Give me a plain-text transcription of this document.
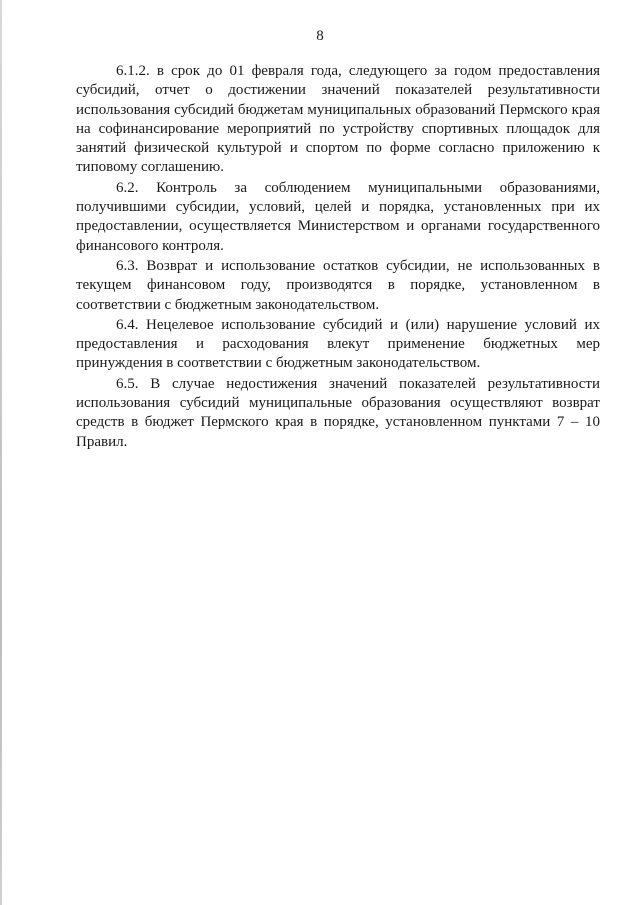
8

6.1.2. в срок до 01 февраля года, следующего за годом предоставления субсидий, отчет о достижении значений показателей результативности использования субсидий бюджетам муниципальных образований Пермского края на софинансирование мероприятий по устройству спортивных площадок для занятий физической культурой и спортом по форме согласно приложению к типовому соглашению.

6.2. Контроль за соблюдением муниципальными образованиями, получившими субсидии, условий, целей и порядка, установленных при их предоставлении, осуществляется Министерством и органами государственного финансового контроля.

6.3. Возврат и использование остатков субсидии, не использованных в текущем финансовом году, производятся в порядке, установленном в соответствии с бюджетным законодательством.

6.4. Нецелевое использование субсидий и (или) нарушение условий их предоставления и расходования влекут применение бюджетных мер принуждения в соответствии с бюджетным законодательством.

6.5. В случае недостижения значений показателей результативности использования субсидий муниципальные образования осуществляют возврат средств в бюджет Пермского края в порядке, установленном пунктами 7 – 10 Правил.
